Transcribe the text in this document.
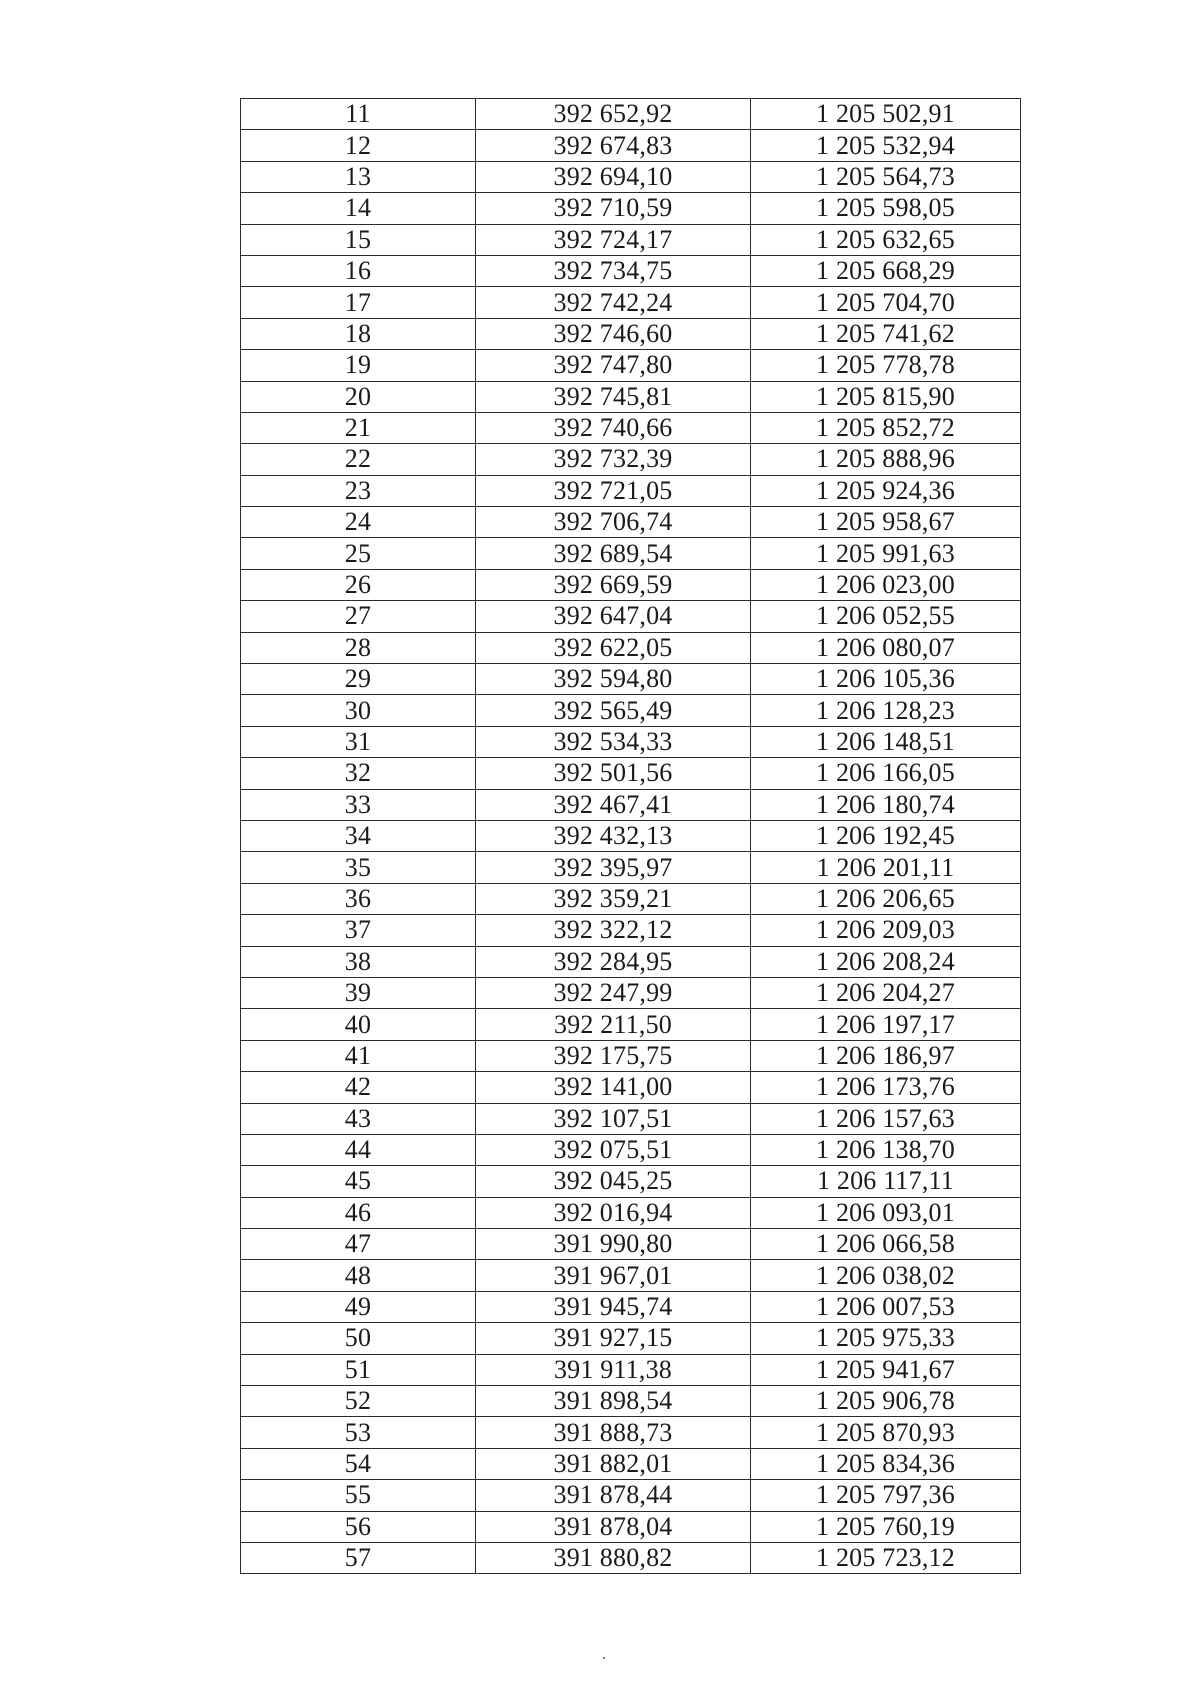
11	392 652,92	1 205 502,91
12	392 674,83	1 205 532,94
13	392 694,10	1 205 564,73
14	392 710,59	1 205 598,05
15	392 724,17	1 205 632,65
16	392 734,75	1 205 668,29
17	392 742,24	1 205 704,70
18	392 746,60	1 205 741,62
19	392 747,80	1 205 778,78
20	392 745,81	1 205 815,90
21	392 740,66	1 205 852,72
22	392 732,39	1 205 888,96
23	392 721,05	1 205 924,36
24	392 706,74	1 205 958,67
25	392 689,54	1 205 991,63
26	392 669,59	1 206 023,00
27	392 647,04	1 206 052,55
28	392 622,05	1 206 080,07
29	392 594,80	1 206 105,36
30	392 565,49	1 206 128,23
31	392 534,33	1 206 148,51
32	392 501,56	1 206 166,05
33	392 467,41	1 206 180,74
34	392 432,13	1 206 192,45
35	392 395,97	1 206 201,11
36	392 359,21	1 206 206,65
37	392 322,12	1 206 209,03
38	392 284,95	1 206 208,24
39	392 247,99	1 206 204,27
40	392 211,50	1 206 197,17
41	392 175,75	1 206 186,97
42	392 141,00	1 206 173,76
43	392 107,51	1 206 157,63
44	392 075,51	1 206 138,70
45	392 045,25	1 206 117,11
46	392 016,94	1 206 093,01
47	391 990,80	1 206 066,58
48	391 967,01	1 206 038,02
49	391 945,74	1 206 007,53
50	391 927,15	1 205 975,33
51	391 911,38	1 205 941,67
52	391 898,54	1 205 906,78
53	391 888,73	1 205 870,93
54	391 882,01	1 205 834,36
55	391 878,44	1 205 797,36
56	391 878,04	1 205 760,19
57	391 880,82	1 205 723,12
